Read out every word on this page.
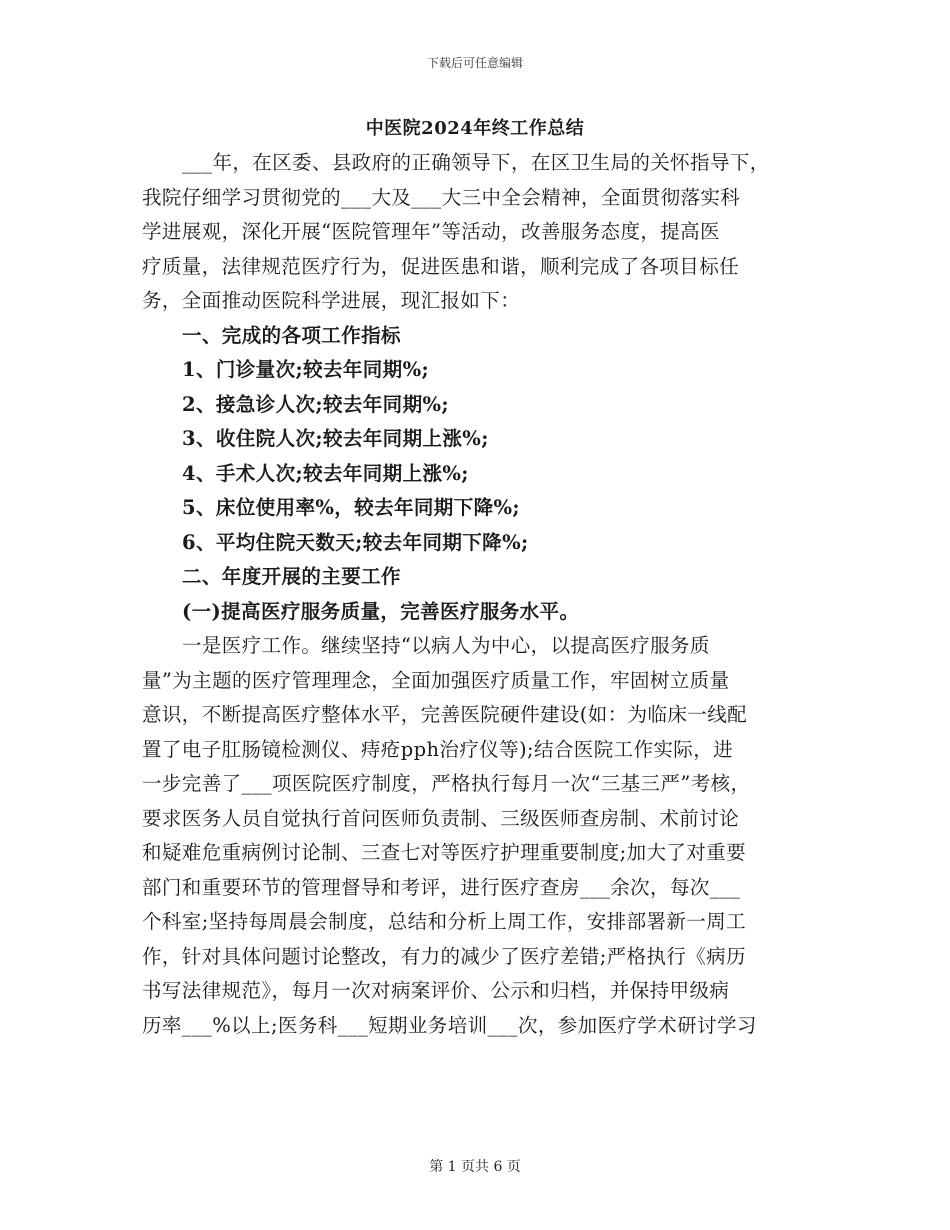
下载后可任意编辑
中医院2024年终工作总结
___年，在区委、县政府的正确领导下，在区卫生局的关怀指导下，
我院仔细学习贯彻党的___大及___大三中全会精神，全面贯彻落实科
学进展观，深化开展“医院管理年”等活动，改善服务态度，提高医
疗质量，法律规范医疗行为，促进医患和谐，顺利完成了各项目标任
务，全面推动医院科学进展，现汇报如下：
一、完成的各项工作指标
1、门诊量次;较去年同期%;
2、接急诊人次;较去年同期%;
3、收住院人次;较去年同期上涨%;
4、手术人次;较去年同期上涨%;
5、床位使用率%，较去年同期下降%;
6、平均住院天数天;较去年同期下降%;
二、年度开展的主要工作
(一)提高医疗服务质量，完善医疗服务水平。
一是医疗工作。继续坚持“以病人为中心，以提高医疗服务质
量”为主题的医疗管理理念，全面加强医疗质量工作，牢固树立质量
意识，不断提高医疗整体水平，完善医院硬件建设(如：为临床一线配
置了电子肛肠镜检测仪、痔疮pph治疗仪等);结合医院工作实际，进
一步完善了___项医院医疗制度，严格执行每月一次“三基三严”考核，
要求医务人员自觉执行首问医师负责制、三级医师查房制、术前讨论
和疑难危重病例讨论制、三查七对等医疗护理重要制度;加大了对重要
部门和重要环节的管理督导和考评，进行医疗查房___余次，每次___
个科室;坚持每周晨会制度，总结和分析上周工作，安排部署新一周工
作，针对具体问题讨论整改，有力的减少了医疗差错;严格执行《病历
书写法律规范》，每月一次对病案评价、公示和归档，并保持甲级病
历率___%以上;医务科___短期业务培训___次，参加医疗学术研讨学习
第 1 页共 6 页
